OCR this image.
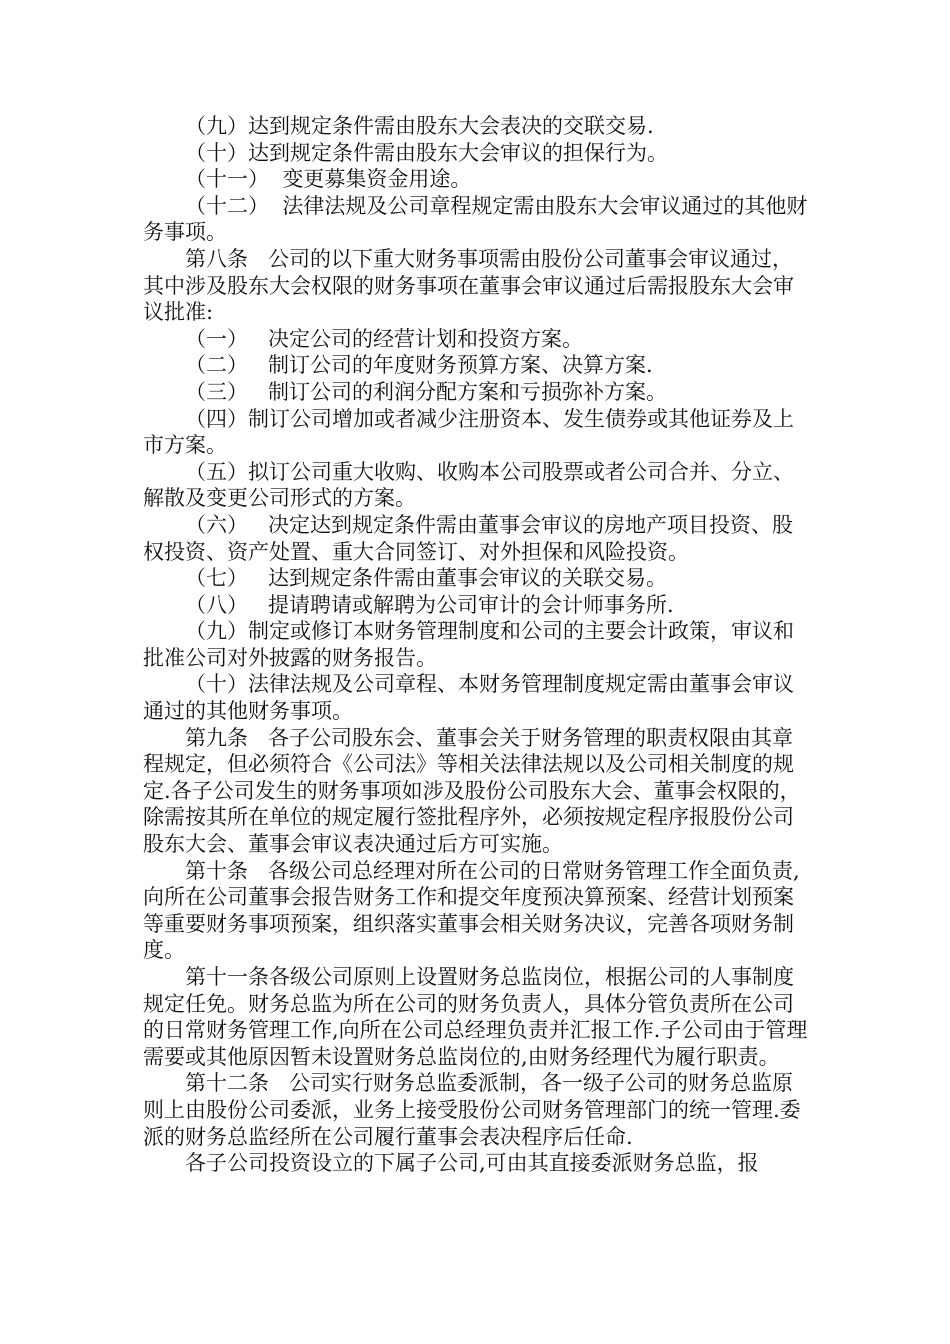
（九）达到规定条件需由股东大会表决的交联交易.

（十）达到规定条件需由股东大会审议的担保行为。

（十一）  变更募集资金用途。

（十二）  法律法规及公司章程规定需由股东大会审议通过的其他财务事项。

第八条   公司的以下重大财务事项需由股份公司董事会审议通过，其中涉及股东大会权限的财务事项在董事会审议通过后需报股东大会审议批准:

（一）   决定公司的经营计划和投资方案。

（二）   制订公司的年度财务预算方案、决算方案.

（三）   制订公司的利润分配方案和亏损弥补方案。

（四）制订公司增加或者减少注册资本、发生债券或其他证券及上市方案。

（五）拟订公司重大收购、收购本公司股票或者公司合并、分立、解散及变更公司形式的方案。

（六）   决定达到规定条件需由董事会审议的房地产项目投资、股权投资、资产处置、重大合同签订、对外担保和风险投资。

（七）   达到规定条件需由董事会审议的关联交易。

（八）   提请聘请或解聘为公司审计的会计师事务所.

（九）制定或修订本财务管理制度和公司的主要会计政策，审议和批准公司对外披露的财务报告。

（十）法律法规及公司章程、本财务管理制度规定需由董事会审议通过的其他财务事项。

第九条   各子公司股东会、董事会关于财务管理的职责权限由其章程规定，但必须符合《公司法》等相关法律法规以及公司相关制度的规定.各子公司发生的财务事项如涉及股份公司股东大会、董事会权限的，除需按其所在单位的规定履行签批程序外，必须按规定程序报股份公司股东大会、董事会审议表决通过后方可实施。

第十条   各级公司总经理对所在公司的日常财务管理工作全面负责,向所在公司董事会报告财务工作和提交年度预决算预案、经营计划预案等重要财务事项预案，组织落实董事会相关财务决议，完善各项财务制度。

第十一条各级公司原则上设置财务总监岗位，根据公司的人事制度规定任免。财务总监为所在公司的财务负责人，具体分管负责所在公司的日常财务管理工作,向所在公司总经理负责并汇报工作.子公司由于管理需要或其他原因暂未设置财务总监岗位的,由财务经理代为履行职责。

第十二条   公司实行财务总监委派制，各一级子公司的财务总监原则上由股份公司委派，业务上接受股份公司财务管理部门的统一管理.委派的财务总监经所在公司履行董事会表决程序后任命.

各子公司投资设立的下属子公司,可由其直接委派财务总监，报
